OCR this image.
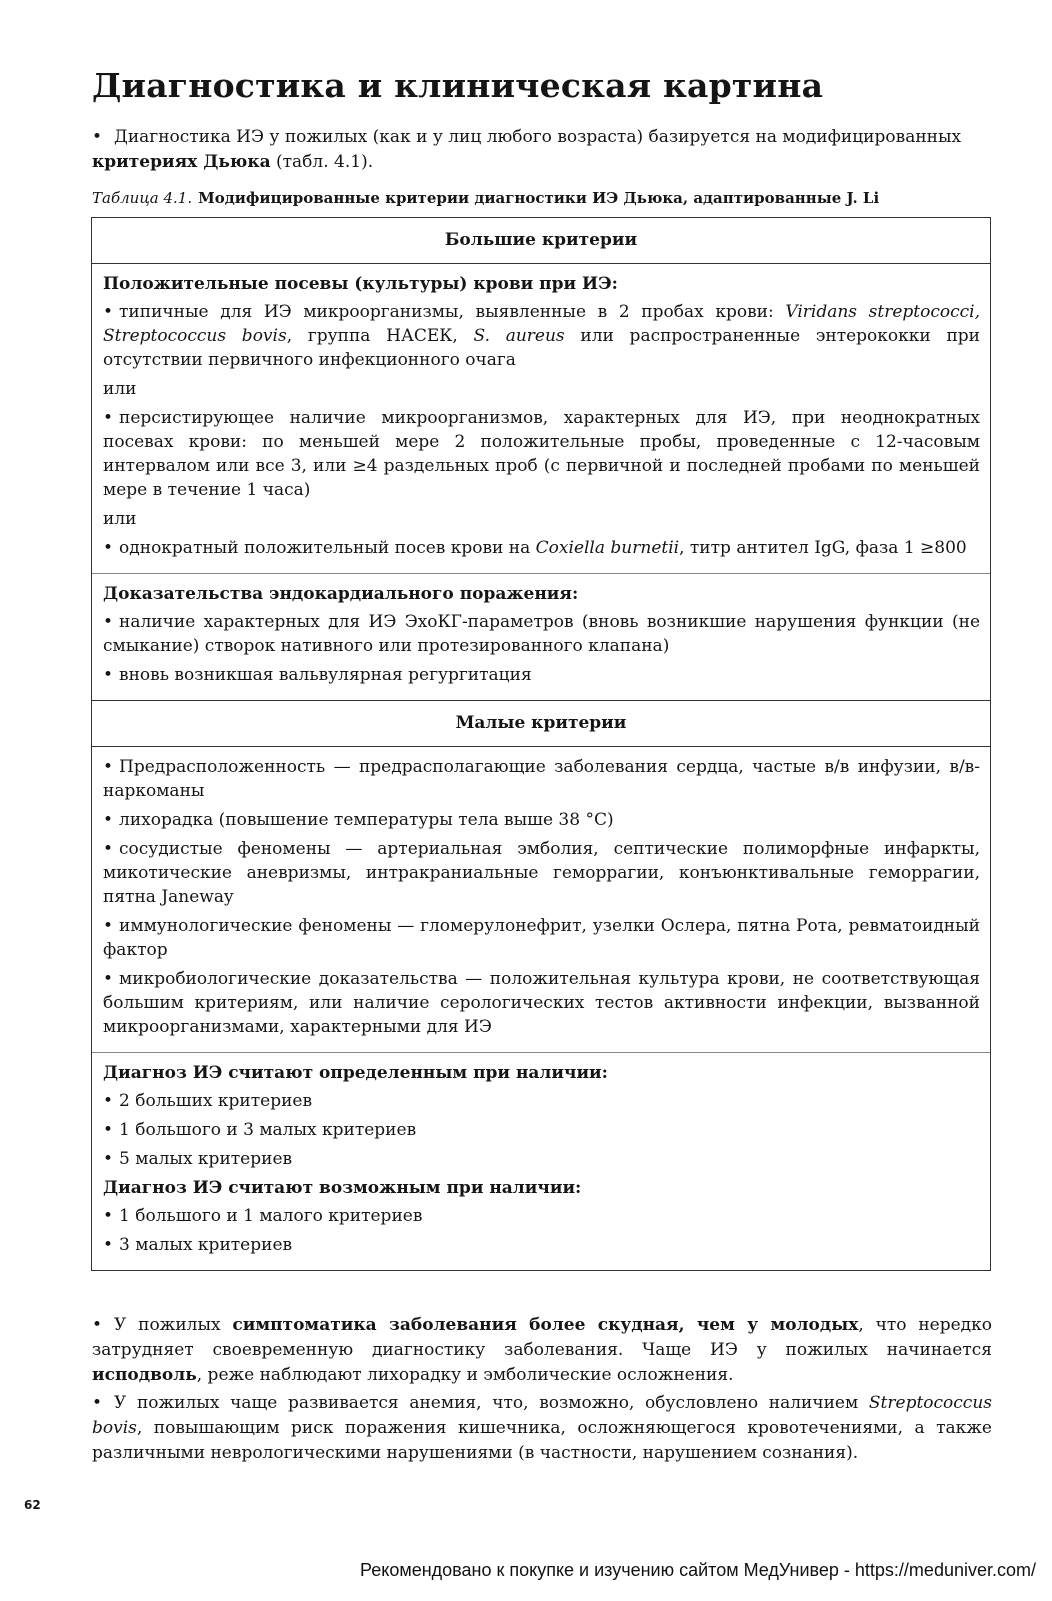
Диагностика и клиническая картина

• Диагностика ИЭ у пожилых (как и у лиц любого возраста) базируется на модифицированных критериях Дьюка (табл. 4.1).

Таблица 4.1. Модифицированные критерии диагностики ИЭ Дьюка, адаптированные J. Li

Большие критерии
Положительные посевы (культуры) крови при ИЭ:

• типичные для ИЭ микроорганизмы, выявленные в 2 пробах крови: Viridans streptococci, Streptococcus bovis, группа НАСЕК, S. aureus или распространенные энтерококки при отсутствии первичного инфекционного очага

или

• персистирующее наличие микроорганизмов, характерных для ИЭ, при неоднократных посевах крови: по меньшей мере 2 положительные пробы, проведенные с 12-часовым интервалом или все 3, или ≥4 раздельных проб (с первичной и последней пробами по меньшей мере в течение 1 часа)

или

• однократный положительный посев крови на Coxiella burnetii, титр антител IgG, фаза 1 ≥800

Доказательства эндокардиального поражения:

• наличие характерных для ИЭ ЭхоКГ-параметров (вновь возникшие нарушения функции (не смыкание) створок нативного или протезированного клапана)

• вновь возникшая вальвулярная регургитация

Малые критерии

• Предрасположенность — предрасполагающие заболевания сердца, частые в/в инфузии, в/в-наркоманы

• лихорадка (повышение температуры тела выше 38 °C)

• сосудистые феномены — артериальная эмболия, септические полиморфные инфаркты, микотические аневризмы, интракраниальные геморрагии, конъюнктивальные геморрагии, пятна Janeway

• иммунологические феномены — гломерулонефрит, узелки Ослера, пятна Рота, ревматоидный фактор

• микробиологические доказательства — положительная культура крови, не соответствующая большим критериям, или наличие серологических тестов активности инфекции, вызванной микроорганизмами, характерными для ИЭ

Диагноз ИЭ считают определенным при наличии:

• 2 больших критериев

• 1 большого и 3 малых критериев

• 5 малых критериев

Диагноз ИЭ считают возможным при наличии:

• 1 большого и 1 малого критериев

• 3 малых критериев

• У пожилых симптоматика заболевания более скудная, чем у молодых, что нередко затрудняет своевременную диагностику заболевания. Чаще ИЭ у пожилых начинается исподволь, реже наблюдают лихорадку и эмболические осложнения.

• У пожилых чаще развивается анемия, что, возможно, обусловлено наличием Streptococcus bovis, повышающим риск поражения кишечника, осложняющегося кровотечениями, а также различными неврологическими нарушениями (в частности, нарушением сознания).

62
Рекомендовано к покупке и изучению сайтом МедУнивер - https://meduniver.com/
